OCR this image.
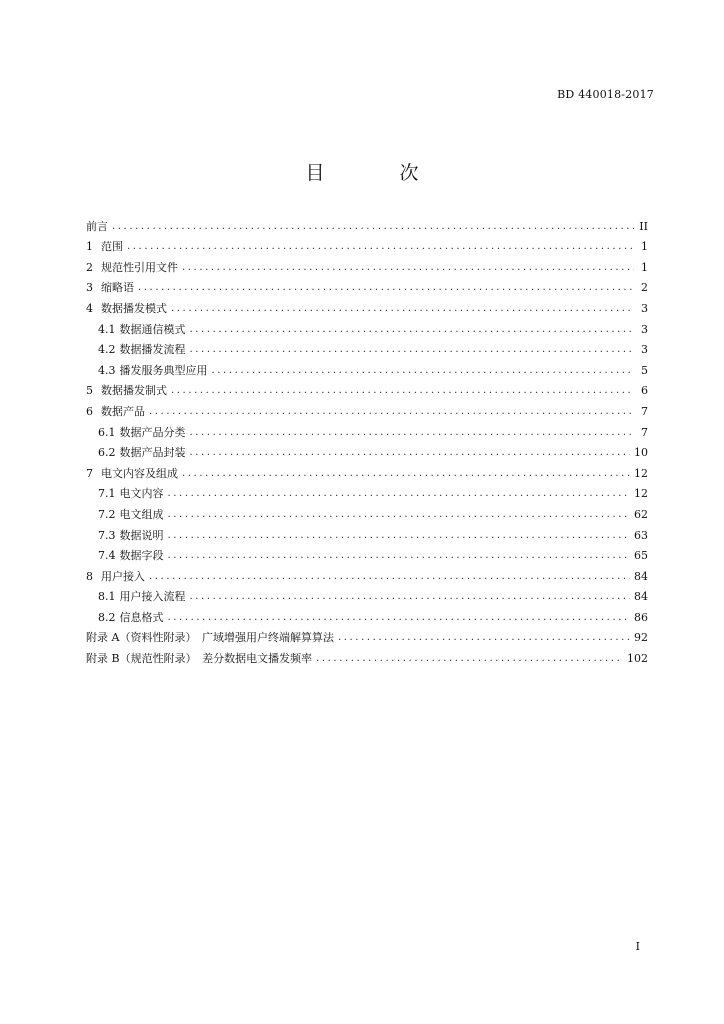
BD 440018-2017
目　次
前言 .....	II
1 范围 .....	1
2 规范性引用文件 .....	1
3 缩略语 .....	2
4 数据播发模式 .....	3
4.1 数据通信模式 .....	3
4.2 数据播发流程 .....	3
4.3 播发服务典型应用 .....	5
5 数据播发制式 .....	6
6 数据产品 .....	7
6.1 数据产品分类 .....	7
6.2 数据产品封装 .....	10
7 电文内容及组成 .....	12
7.1 电文内容 .....	12
7.2 电文组成 .....	62
7.3 数据说明 .....	63
7.4 数据字段 .....	65
8 用户接入 .....	84
8.1 用户接入流程 .....	84
8.2 信息格式 .....	86
附录 A（资料性附录）　广域增强用户终端解算算法 .....	92
附录 B（规范性附录）　差分数据电文播发频率 .....	102
I
